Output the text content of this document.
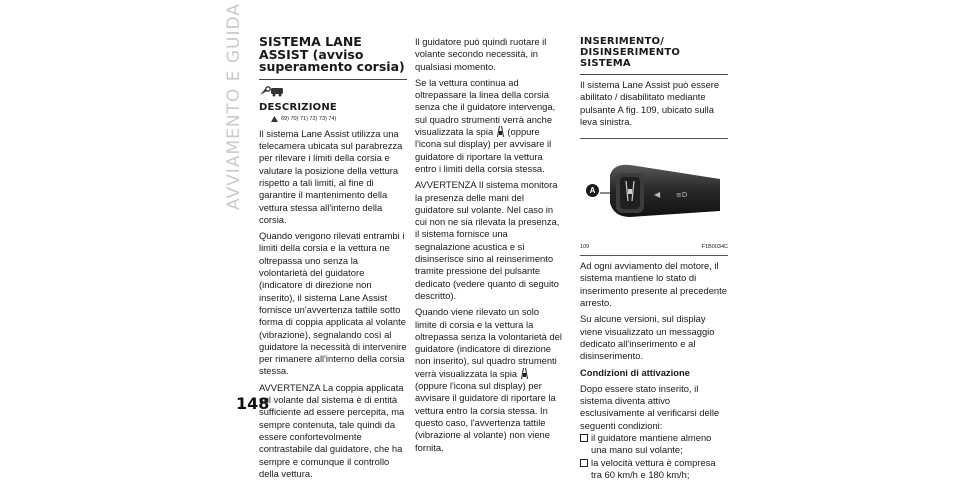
AVVIAMENTO E GUIDA
148
SISTEMA LANE ASSIST (avviso superamento corsia)
DESCRIZIONE
69) 70) 71) 72) 73) 74)

Il sistema Lane Assist utilizza una telecamera ubicata sul parabrezza per rilevare i limiti della corsia e valutare la posizione della vettura rispetto a tali limiti, al fine di garantire il mantenimento della vettura stessa all'interno della corsia.

Quando vengono rilevati entrambi i limiti della corsia e la vettura ne oltrepassa uno senza la volontarietà del guidatore (indicatore di direzione non inserito), il sistema Lane Assist fornisce un'avvertenza tattile sotto forma di coppia applicata al volante (vibrazione), segnalando così al guidatore la necessità di intervenire per rimanere all'interno della corsia stessa.

AVVERTENZA La coppia applicata sul volante dal sistema è di entità sufficiente ad essere percepita, ma sempre contenuta, tale quindi da essere confortevolmente contrastabile dal guidatore, che ha sempre e comunque il controllo della vettura.

Il guidatore può quindi ruotare il volante secondo necessità, in qualsiasi momento.

Se la vettura continua ad oltrepassare la linea della corsia senza che il guidatore intervenga, sul quadro strumenti verrà anche visualizzata la spia (oppure l'icona sul display) per avvisare il guidatore di riportare la vettura entro i limiti della corsia stessa.

AVVERTENZA Il sistema monitora la presenza delle mani del guidatore sul volante. Nel caso in cui non ne sia rilevata la presenza, il sistema fornisce una segnalazione acustica e si disinserisce sino al reinserimento tramite pressione del pulsante dedicato (vedere quanto di seguito descritto).

Quando viene rilevato un solo limite di corsia e la vettura la oltrepassa senza la volontarietà del guidatore (indicatore di direzione non inserito), sul quadro strumenti verrà visualizzata la spia  (oppure l'icona sul display) per avvisare il guidatore di riportare la vettura entro la corsia stessa. In questo caso, l'avvertenza tattile (vibrazione al volante) non viene fornita.

INSERIMENTO/ DISINSERIMENTO SISTEMA

Il sistema Lane Assist può essere abilitato / disabilitato mediante pulsante A fig. 109, ubicato sulla leva sinistra.

◀ ≡D
A
109	F1B0034C

Ad ogni avviamento del motore, il sistema mantiene lo stato di inserimento presente al precedente arresto.

Su alcune versioni, sul display viene visualizzato un messaggio dedicato all'inserimento e al disinserimento.

Condizioni di attivazione

Dopo essere stato inserito, il sistema diventa attivo esclusivamente al verificarsi delle seguenti condizioni:

il guidatore mantiene almeno una mano sul volante;
la velocità vettura è compresa tra 60 km/h e 180 km/h;
